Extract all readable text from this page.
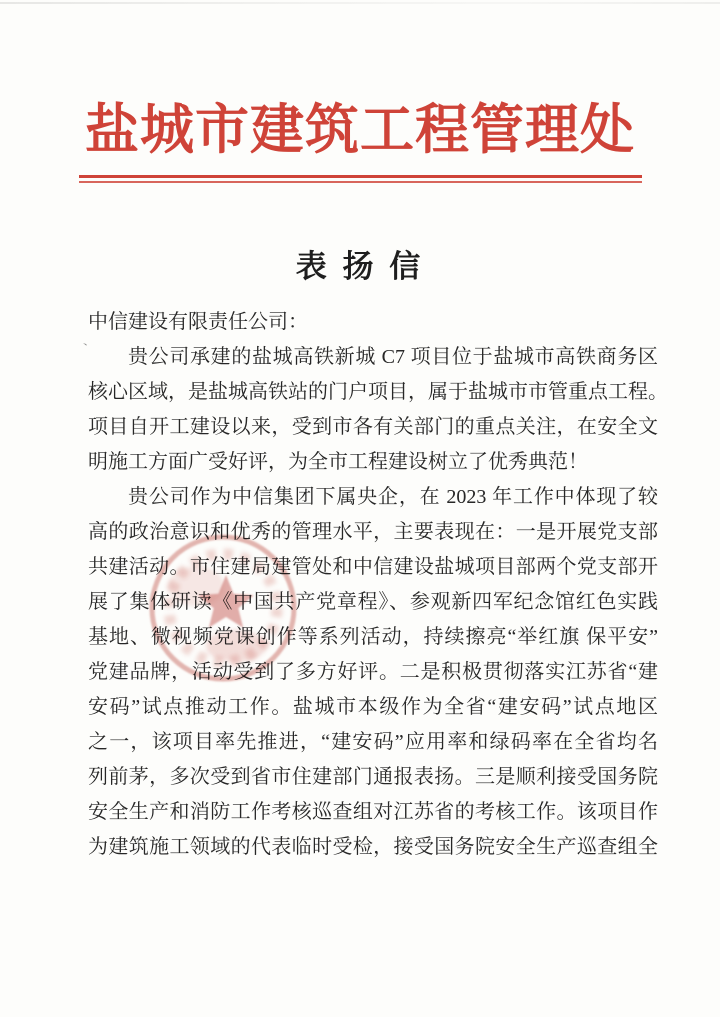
盐城市建筑工程管理处
表 扬 信
中信建设有限责任公司：
贵公司承建的盐城高铁新城 C7 项目位于盐城市高铁商务区
核心区域，是盐城高铁站的门户项目，属于盐城市市管重点工程。
项目自开工建设以来，受到市各有关部门的重点关注，在安全文
明施工方面广受好评，为全市工程建设树立了优秀典范！
贵公司作为中信集团下属央企，在 2023 年工作中体现了较
高的政治意识和优秀的管理水平，主要表现在：一是开展党支部
共建活动。市住建局建管处和中信建设盐城项目部两个党支部开
展了集体研读《中国共产党章程》、参观新四军纪念馆红色实践
基地、微视频党课创作等系列活动，持续擦亮“举红旗 保平安”
党建品牌，活动受到了多方好评。二是积极贯彻落实江苏省“建
安码”试点推动工作。盐城市本级作为全省“建安码”试点地区
之一，该项目率先推进，“建安码”应用率和绿码率在全省均名
列前茅，多次受到省市住建部门通报表扬。三是顺利接受国务院
安全生产和消防工作考核巡查组对江苏省的考核工作。该项目作
为建筑施工领域的代表临时受检，接受国务院安全生产巡查组全
、
